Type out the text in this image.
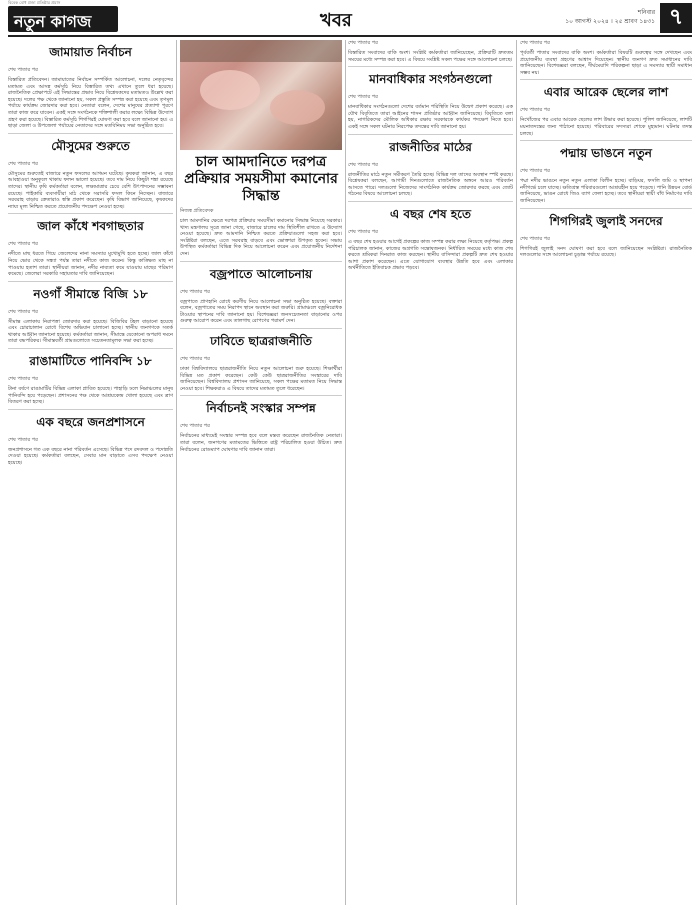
বিবেক বোধ প্রজা প্রতিষ্ঠার প্রয়াস
নতুন কাগজ	খবর	শনিবার
১০ আগস্ট ২০২৪ । ২৫ শ্রাবণ ১৪৩১ ৭
জামায়াত নির্বাচন
শেষ পাতার পর
বিস্তারিত প্রতিবেদন। জামায়াতের নির্বাচন সম্পর্কিত আলোচনা, দলের নেতৃবৃন্দের মতামত এবং আসন্ন কর্মসূচি নিয়ে বিস্তারিত তথ্য এখানে তুলে ধরা হয়েছে। রাজনৈতিক প্রেক্ষাপটে এই সিদ্ধান্তের প্রভাব নিয়ে বিশ্লেষকদের মতামতও উল্লেখ করা হয়েছে। দলের পক্ষ থেকে জানানো হয়, সকল প্রস্তুতি সম্পন্ন করা হয়েছে এবং তৃণমূল পর্যায়ে কার্যক্রম জোরদার করা হবে। নেতারা বলেন, দেশের মানুষের প্রত্যাশা পূরণে তারা কাজ করে যাবেন। একই সঙ্গে সংগঠনকে শক্তিশালী করার লক্ষ্যে বিভিন্ন উদ্যোগ গ্রহণ করা হয়েছে। বিস্তারিত কর্মসূচি শিগগিরই ঘোষণা করা হবে বলে জানানো হয়। এ ছাড়া জেলা ও উপজেলা পর্যায়ের নেতাদের সঙ্গে মতবিনিময় সভা অনুষ্ঠিত হবে।
মৌসুমের শুরুতে
শেষ পাতার পর
মৌসুমের শুরুতেই বাজারে নতুন ফসলের আগমন ঘটেছে। কৃষকরা জানান, এ বছর আবহাওয়া অনুকূলে থাকায় ফলন ভালো হয়েছে। তবে দাম নিয়ে কিছুটা শঙ্কা রয়েছে তাদের। স্থানীয় কৃষি কর্মকর্তারা বলেন, লক্ষ্যমাত্রার চেয়ে বেশি উৎপাদনের সম্ভাবনা রয়েছে। পাইকারি ব্যবসায়ীরা মাঠ থেকে সরাসরি ফসল কিনে নিচ্ছেন। বাজারে সরবরাহ বাড়ায় ক্রেতারাও স্বস্তি প্রকাশ করেছেন। কৃষি বিভাগ জানিয়েছে, কৃষকদের ন্যায্য মূল্য নিশ্চিত করতে প্রয়োজনীয় পদক্ষেপ নেওয়া হচ্ছে।
জাল কাঁধে শবগাছতার
শেষ পাতার পর
নদীতে মাছ ধরতে গিয়ে জেলেদের নানা সমস্যার মুখোমুখি হতে হচ্ছে। জাল কাঁধে নিয়ে ভোর থেকে সন্ধ্যা পর্যন্ত তারা নদীতে কাজ করেন। কিন্তু কাঙ্ক্ষিত মাছ না পাওয়ায় হতাশ তারা। স্থানীয়রা জানান, নদীর নাব্যতা কমে যাওয়ায় মাছের পরিমাণ কমেছে। জেলেরা সরকারি সহায়তার দাবি জানিয়েছেন।
নওগাঁ সীমান্তে বিজি ১৮
শেষ পাতার পর
সীমান্ত এলাকায় নিরাপত্তা জোরদার করা হয়েছে। বিজিবির টহল বাড়ানো হয়েছে এবং চোরাচালান রোধে বিশেষ অভিযান চালানো হচ্ছে। স্থানীয় জনগণকে সতর্ক থাকার আহ্বান জানানো হয়েছে। কর্মকর্তারা জানান, সীমান্তে যেকোনো অপরাধ দমনে তারা বদ্ধপরিকর। সীমান্তবর্তী গ্রামগুলোতে সচেতনতামূলক সভা করা হচ্ছে।
রাঙামাটিতে পানিবন্দি ১৮
শেষ পাতার পর
টানা বর্ষণে রাঙামাটির বিভিন্ন এলাকা প্লাবিত হয়েছে। পাহাড়ি ঢলে নিম্নাঞ্চলের মানুষ পানিবন্দি হয়ে পড়েছেন। প্রশাসনের পক্ষ থেকে আশ্রয়কেন্দ্র খোলা হয়েছে এবং ত্রাণ বিতরণ করা হচ্ছে।
এক বছরে জনপ্রশাসনে
শেষ পাতার পর
জনপ্রশাসনে গত এক বছরে নানা পরিবর্তন এসেছে। বিভিন্ন পদে রদবদল ও পদোন্নতি দেওয়া হয়েছে। কর্মকর্তারা বলছেন, সেবার মান বাড়াতে এসব পদক্ষেপ নেওয়া হয়েছে।
চাল আমদানিতে দরপত্র প্রক্রিয়ার সময়সীমা কমানোর সিদ্ধান্ত
নিজস্ব প্রতিবেদক
চাল আমদানির ক্ষেত্রে দরপত্র প্রক্রিয়ার সময়সীমা কমানোর সিদ্ধান্ত নিয়েছে সরকার। খাদ্য মন্ত্রণালয় সূত্রে জানা গেছে, বাজারে চালের দাম স্থিতিশীল রাখতে এ উদ্যোগ নেওয়া হয়েছে। দ্রুত আমদানি নিশ্চিত করতে প্রক্রিয়াগুলো সহজ করা হবে। সংশ্লিষ্টরা বলছেন, এতে সরবরাহ বাড়বে এবং ভোক্তারা উপকৃত হবেন। সভায় উপস্থিত কর্মকর্তারা বিভিন্ন দিক নিয়ে আলোচনা করেন এবং প্রয়োজনীয় নির্দেশনা দেন।
বজ্রপাতে আলোচনায়
শেষ পাতার পর
বজ্রপাতে প্রাণহানি রোধে করণীয় নিয়ে আলোচনা সভা অনুষ্ঠিত হয়েছে। বক্তারা বলেন, বজ্রপাতের সময় নিরাপদ স্থানে অবস্থান করা জরুরি। গ্রামাঞ্চলে বজ্রনিরোধক টাওয়ার স্থাপনের দাবি জানানো হয়। বিশেষজ্ঞরা জনসচেতনতা বাড়ানোর ওপর গুরুত্ব আরোপ করেন এবং তালগাছ রোপণের পরামর্শ দেন।
ঢাবিতে ছাত্ররাজনীতি
শেষ পাতার পর
ঢাকা বিশ্ববিদ্যালয়ে ছাত্ররাজনীতি নিয়ে নতুন আলোচনা শুরু হয়েছে। শিক্ষার্থীরা বিভিন্ন মত প্রকাশ করেছেন। কেউ কেউ ছাত্ররাজনীতির সংস্কারের দাবি জানিয়েছেন। বিশ্ববিদ্যালয় প্রশাসন জানিয়েছে, সকল পক্ষের মতামত নিয়ে সিদ্ধান্ত নেওয়া হবে। শিক্ষকরাও এ বিষয়ে তাদের মতামত তুলে ধরেছেন।
নির্বাচনই সংস্কার সম্পন্ন
শেষ পাতার পর
নির্বাচনের মাধ্যমেই সংস্কার সম্পন্ন হবে বলে মন্তব্য করেছেন রাজনৈতিক নেতারা। তারা বলেন, জনগণের মতামতের ভিত্তিতে রাষ্ট্র পরিচালিত হওয়া উচিত। দ্রুত নির্বাচনের রোডম্যাপ ঘোষণার দাবি জানান তারা।
শেষ পাতার পর
বিস্তারিত সংবাদের বাকি অংশ। সংশ্লিষ্ট কর্মকর্তারা জানিয়েছেন, প্রক্রিয়াটি দ্রুততম সময়ের মধ্যে সম্পন্ন করা হবে। এ বিষয়ে সংশ্লিষ্ট সকল পক্ষের সঙ্গে আলোচনা চলছে।
মানবাধিকার সংগঠনগুলো
শেষ পাতার পর
মানবাধিকার সংগঠনগুলো দেশের বর্তমান পরিস্থিতি নিয়ে উদ্বেগ প্রকাশ করেছে। এক যৌথ বিবৃতিতে তারা আইনের শাসন প্রতিষ্ঠার আহ্বান জানিয়েছে। বিবৃতিতে বলা হয়, নাগরিকদের মৌলিক অধিকার রক্ষায় সরকারকে কার্যকর পদক্ষেপ নিতে হবে। একই সঙ্গে সকল ঘটনার নিরপেক্ষ তদন্তের দাবি জানানো হয়।
রাজনীতির মাঠের
শেষ পাতার পর
রাজনীতির মাঠে নতুন সমীকরণ তৈরি হচ্ছে। বিভিন্ন দল তাদের অবস্থান স্পষ্ট করছে। বিশ্লেষকরা বলছেন, আগামী দিনগুলোতে রাজনৈতিক অঙ্গনে আরও পরিবর্তন আসতে পারে। দলগুলো নিজেদের সাংগঠনিক কার্যক্রম জোরদার করছে এবং জোট গঠনের বিষয়ে আলোচনা চলছে।
এ বছর শেষ হতে
শেষ পাতার পর
এ বছর শেষ হওয়ার আগেই প্রকল্পের কাজ সম্পন্ন করার লক্ষ্য নিয়েছে কর্তৃপক্ষ। প্রকল্প পরিচালক জানান, কাজের অগ্রগতি সন্তোষজনক। নির্ধারিত সময়ের মধ্যে কাজ শেষ করতে শ্রমিকরা দিনরাত কাজ করছেন। স্থানীয় বাসিন্দারা প্রকল্পটি দ্রুত শেষ হওয়ার আশা প্রকাশ করেছেন। এতে যোগাযোগ ব্যবস্থার উন্নতি হবে এবং এলাকার অর্থনীতিতে ইতিবাচক প্রভাব পড়বে।
শেষ পাতার পর
পূর্ববর্তী পাতার সংবাদের বাকি অংশ। কর্মকর্তারা বিষয়টি গুরুত্বের সঙ্গে দেখছেন এবং প্রয়োজনীয় ব্যবস্থা গ্রহণের আশ্বাস দিয়েছেন। স্থানীয় জনগণ দ্রুত সমাধানের দাবি জানিয়েছেন। বিশেষজ্ঞরা বলছেন, দীর্ঘমেয়াদি পরিকল্পনা ছাড়া এ সমস্যার স্থায়ী সমাধান সম্ভব নয়।
এবার আরেক ছেলের লাশ
শেষ পাতার পর
নিখোঁজের পর এবার আরেক ছেলের লাশ উদ্ধার করা হয়েছে। পুলিশ জানিয়েছে, লাশটি ময়নাতদন্তের জন্য পাঠানো হয়েছে। পরিবারের সদস্যরা শোকে মুহ্যমান। ঘটনার তদন্ত চলছে।
পদ্মায় ভাঙনে নতুন
শেষ পাতার পর
পদ্মা নদীর ভাঙনে নতুন নতুন এলাকা বিলীন হচ্ছে। বাড়িঘর, ফসলি জমি ও স্থাপনা নদীগর্ভে চলে যাচ্ছে। ক্ষতিগ্রস্ত পরিবারগুলো আশ্রয়হীন হয়ে পড়েছে। পানি উন্নয়ন বোর্ড জানিয়েছে, ভাঙন রোধে জিও ব্যাগ ফেলা হচ্ছে। তবে স্থানীয়রা স্থায়ী বাঁধ নির্মাণের দাবি জানিয়েছেন।
শিগগিরই জুলাই সনদের
শেষ পাতার পর
শিগগিরই জুলাই সনদ ঘোষণা করা হবে বলে জানিয়েছেন সংশ্লিষ্টরা। রাজনৈতিক দলগুলোর সঙ্গে আলোচনা চূড়ান্ত পর্যায়ে রয়েছে।
